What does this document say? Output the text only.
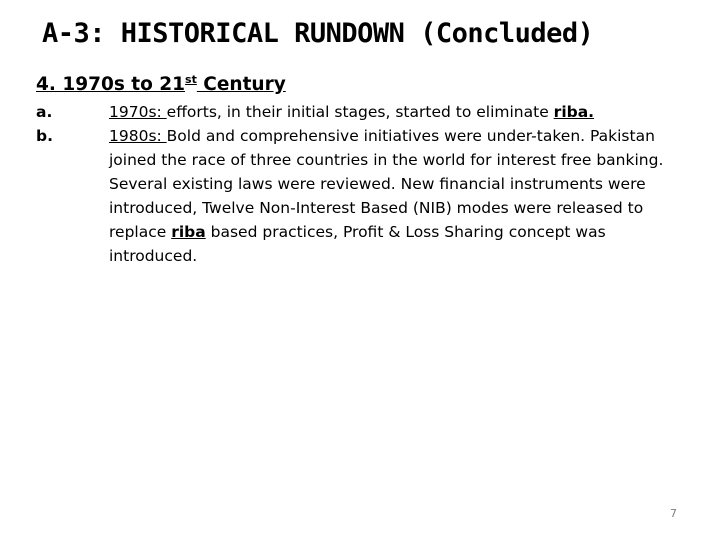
A-3: HISTORICAL RUNDOWN (Concluded)
4. 1970s to 21st Century
a.	1970s: efforts, in their initial stages, started to eliminate riba.
b.	1980s: Bold and comprehensive initiatives were under-taken. Pakistan joined the race of three countries in the world for interest free banking. Several existing laws were reviewed. New financial instruments were introduced, Twelve Non-Interest Based (NIB) modes were released to replace riba based practices, Profit & Loss Sharing concept was introduced.
7
